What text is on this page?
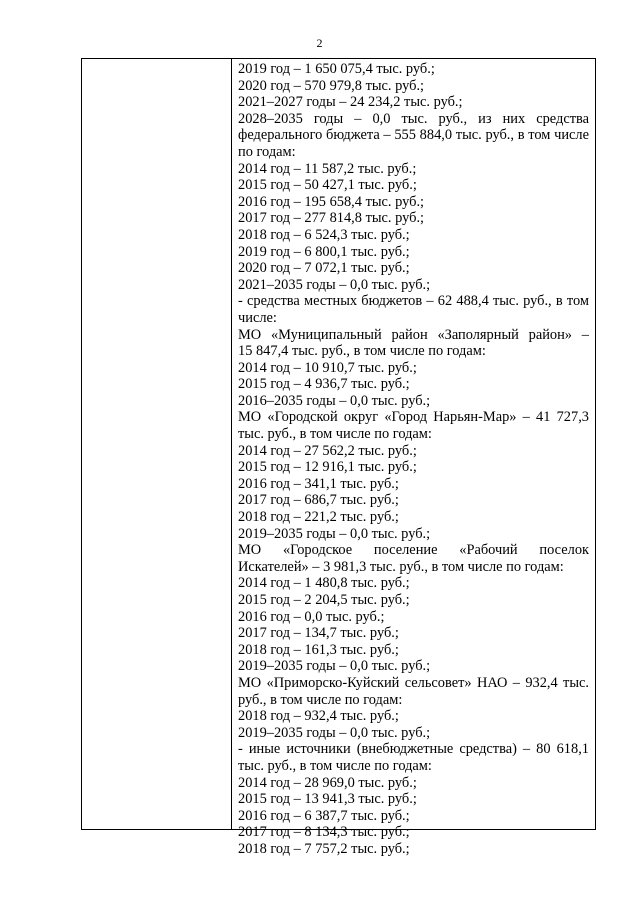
2
2019 год – 1 650 075,4 тыс. руб.;
2020 год – 570 979,8 тыс. руб.;
2021–2027 годы – 24 234,2 тыс. руб.;
2028–2035 годы – 0,0 тыс. руб., из них средства
федерального бюджета – 555 884,0 тыс. руб., в том числе
по годам:
2014 год – 11 587,2 тыс. руб.;
2015 год – 50 427,1 тыс. руб.;
2016 год – 195 658,4 тыс. руб.;
2017 год – 277 814,8 тыс. руб.;
2018 год – 6 524,3 тыс. руб.;
2019 год – 6 800,1 тыс. руб.;
2020 год – 7 072,1 тыс. руб.;
2021–2035 годы – 0,0 тыс. руб.;
- средства местных бюджетов – 62 488,4 тыс. руб., в том
числе:
МО «Муниципальный район «Заполярный район» –
15 847,4 тыс. руб., в том числе по годам:
2014 год – 10 910,7 тыс. руб.;
2015 год – 4 936,7 тыс. руб.;
2016–2035 годы – 0,0 тыс. руб.;
МО «Городской округ «Город Нарьян-Мар» – 41 727,3
тыс. руб., в том числе по годам:
2014 год – 27 562,2 тыс. руб.;
2015 год – 12 916,1 тыс. руб.;
2016 год – 341,1 тыс. руб.;
2017 год – 686,7 тыс. руб.;
2018 год – 221,2 тыс. руб.;
2019–2035 годы – 0,0 тыс. руб.;
МО «Городское поселение «Рабочий поселок
Искателей» – 3 981,3 тыс. руб., в том числе по годам:
2014 год – 1 480,8 тыс. руб.;
2015 год – 2 204,5 тыс. руб.;
2016 год – 0,0 тыс. руб.;
2017 год – 134,7 тыс. руб.;
2018 год – 161,3 тыс. руб.;
2019–2035 годы – 0,0 тыс. руб.;
МО «Приморско-Куйский сельсовет» НАО – 932,4 тыс.
руб., в том числе по годам:
2018 год – 932,4 тыс. руб.;
2019–2035 годы – 0,0 тыс. руб.;
- иные источники (внебюджетные средства) – 80 618,1
тыс. руб., в том числе по годам:
2014 год – 28 969,0 тыс. руб.;
2015 год – 13 941,3 тыс. руб.;
2016 год – 6 387,7 тыс. руб.;
2017 год – 8 134,3 тыс. руб.;
2018 год – 7 757,2 тыс. руб.;
